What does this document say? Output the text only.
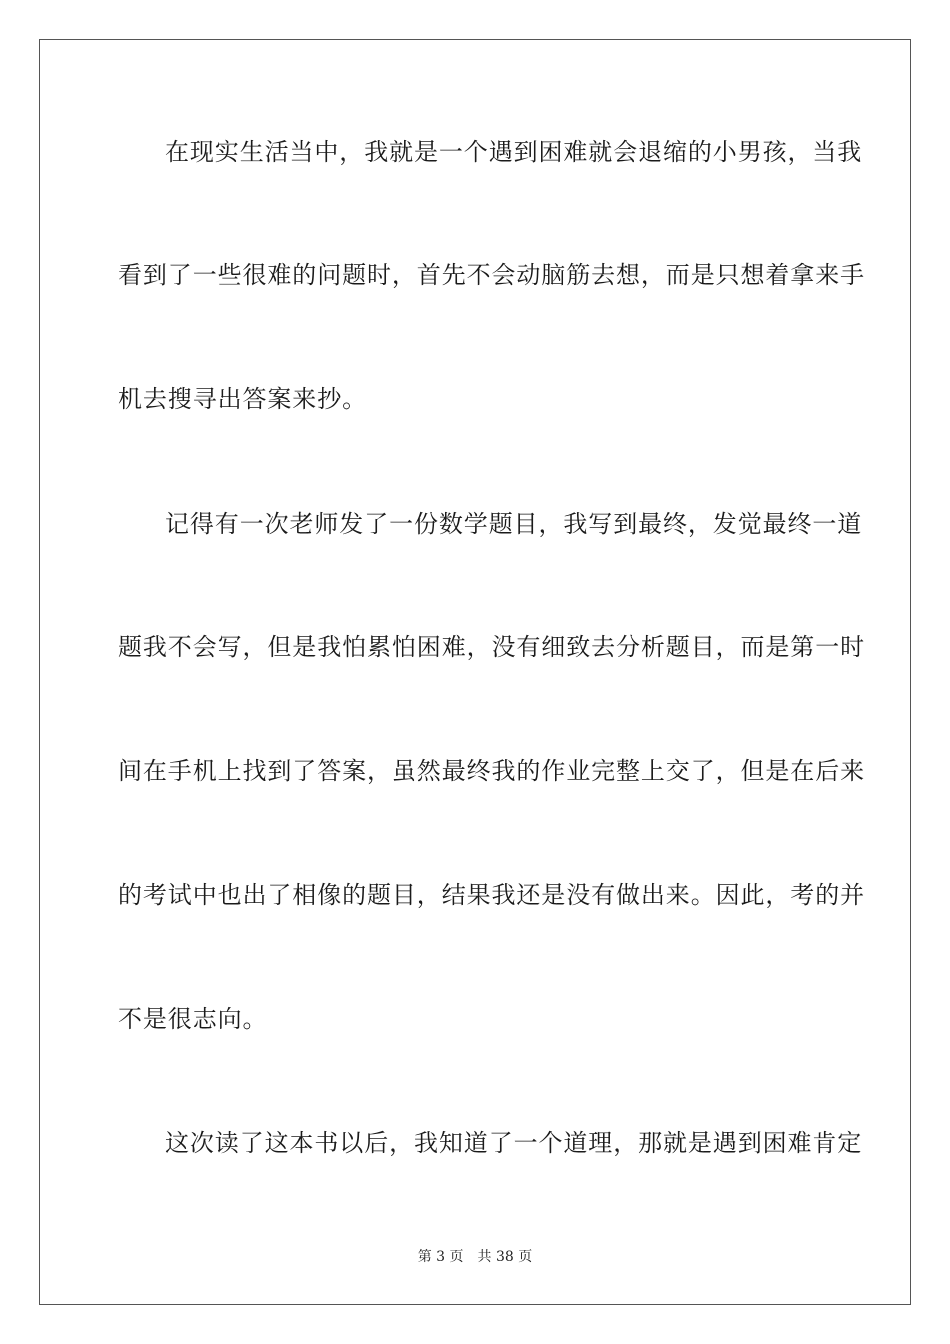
在现实生活当中，我就是一个遇到困难就会退缩的小男孩，当我
看到了一些很难的问题时，首先不会动脑筋去想，而是只想着拿来手
机去搜寻出答案来抄。
记得有一次老师发了一份数学题目，我写到最终，发觉最终一道
题我不会写，但是我怕累怕困难，没有细致去分析题目，而是第一时
间在手机上找到了答案，虽然最终我的作业完整上交了，但是在后来
的考试中也出了相像的题目，结果我还是没有做出来。因此，考的并
不是很志向。
这次读了这本书以后，我知道了一个道理，那就是遇到困难肯定
第 3 页 共 38 页
